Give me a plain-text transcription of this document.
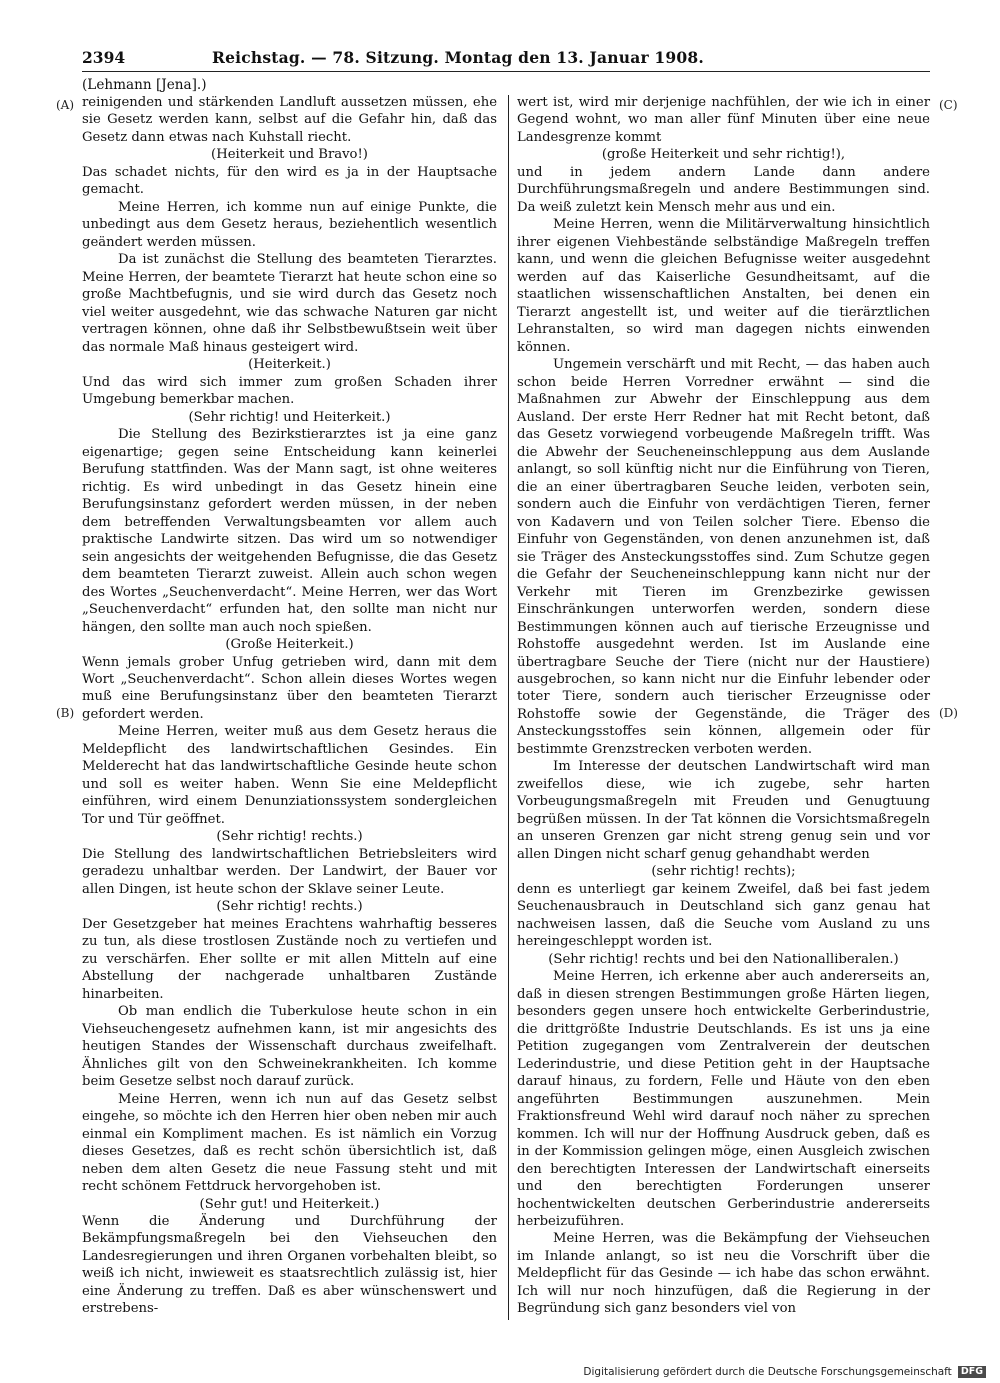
2394	Reichstag. — 78. Sitzung. Montag den 13. Januar 1908.
(A)
(B)
(C)
(D)

(Lehmann [Jena].)

reinigenden und stärkenden Landluft aussetzen müssen, ehe sie Gesetz werden kann, selbst auf die Gefahr hin, daß das Gesetz dann etwas nach Kuhstall riecht.

(Heiterkeit und Bravo!)

Das schadet nichts, für den wird es ja in der Hauptsache gemacht.

Meine Herren, ich komme nun auf einige Punkte, die unbedingt aus dem Gesetz heraus, beziehentlich wesentlich geändert werden müssen.

Da ist zunächst die Stellung des beamteten Tierarztes. Meine Herren, der beamtete Tierarzt hat heute schon eine so große Machtbefugnis, und sie wird durch das Gesetz noch viel weiter ausgedehnt, wie das schwache Naturen gar nicht vertragen können, ohne daß ihr Selbstbewußtsein weit über das normale Maß hinaus gesteigert wird.

(Heiterkeit.)

Und das wird sich immer zum großen Schaden ihrer Umgebung bemerkbar machen.

(Sehr richtig! und Heiterkeit.)

Die Stellung des Bezirkstierarztes ist ja eine ganz eigenartige; gegen seine Entscheidung kann keinerlei Berufung stattfinden. Was der Mann sagt, ist ohne weiteres richtig. Es wird unbedingt in das Gesetz hinein eine Berufungsinstanz gefordert werden müssen, in der neben dem betreffenden Verwaltungsbeamten vor allem auch praktische Landwirte sitzen. Das wird um so notwendiger sein angesichts der weitgehenden Befugnisse, die das Gesetz dem beamteten Tierarzt zuweist. Allein auch schon wegen des Wortes „Seuchenverdacht“. Meine Herren, wer das Wort „Seuchenverdacht“ erfunden hat, den sollte man nicht nur hängen, den sollte man auch noch spießen.

(Große Heiterkeit.)

Wenn jemals grober Unfug getrieben wird, dann mit dem Wort „Seuchenverdacht“. Schon allein dieses Wortes wegen muß eine Berufungsinstanz über den beamteten Tierarzt gefordert werden.

Meine Herren, weiter muß aus dem Gesetz heraus die Meldepflicht des landwirtschaftlichen Gesindes. Ein Melderecht hat das landwirtschaftliche Gesinde heute schon und soll es weiter haben. Wenn Sie eine Meldepflicht einführen, wird einem Denunziationssystem sondergleichen Tor und Tür geöffnet.

(Sehr richtig! rechts.)

Die Stellung des landwirtschaftlichen Betriebsleiters wird geradezu unhaltbar werden. Der Landwirt, der Bauer vor allen Dingen, ist heute schon der Sklave seiner Leute.

(Sehr richtig! rechts.)

Der Gesetzgeber hat meines Erachtens wahrhaftig besseres zu tun, als diese trostlosen Zustände noch zu vertiefen und zu verschärfen. Eher sollte er mit allen Mitteln auf eine Abstellung der nachgerade unhaltbaren Zustände hinarbeiten.

Ob man endlich die Tuberkulose heute schon in ein Viehseuchengesetz aufnehmen kann, ist mir angesichts des heutigen Standes der Wissenschaft durchaus zweifelhaft. Ähnliches gilt von den Schweinekrankheiten. Ich komme beim Gesetze selbst noch darauf zurück.

Meine Herren, wenn ich nun auf das Gesetz selbst eingehe, so möchte ich den Herren hier oben neben mir auch einmal ein Kompliment machen. Es ist nämlich ein Vorzug dieses Gesetzes, daß es recht schön übersichtlich ist, daß neben dem alten Gesetz die neue Fassung steht und mit recht schönem Fettdruck hervorgehoben ist.

(Sehr gut! und Heiterkeit.)

Wenn die Änderung und Durchführung der Bekämpfungsmaßregeln bei den Viehseuchen den Landesregierungen und ihren Organen vorbehalten bleibt, so weiß ich nicht, inwieweit es staatsrechtlich zulässig ist, hier eine Änderung zu treffen. Daß es aber wünschenswert und erstrebens-

wert ist, wird mir derjenige nachfühlen, der wie ich in einer Gegend wohnt, wo man aller fünf Minuten über eine neue Landesgrenze kommt

(große Heiterkeit und sehr richtig!),

und in jedem andern Lande dann andere Durchführungsmaßregeln und andere Bestimmungen sind. Da weiß zuletzt kein Mensch mehr aus und ein.

Meine Herren, wenn die Militärverwaltung hinsichtlich ihrer eigenen Viehbestände selbständige Maßregeln treffen kann, und wenn die gleichen Befugnisse weiter ausgedehnt werden auf das Kaiserliche Gesundheitsamt, auf die staatlichen wissenschaftlichen Anstalten, bei denen ein Tierarzt angestellt ist, und weiter auf die tierärztlichen Lehranstalten, so wird man dagegen nichts einwenden können.

Ungemein verschärft und mit Recht, — das haben auch schon beide Herren Vorredner erwähnt — sind die Maßnahmen zur Abwehr der Einschleppung aus dem Ausland. Der erste Herr Redner hat mit Recht betont, daß das Gesetz vorwiegend vorbeugende Maßregeln trifft. Was die Abwehr der Seucheneinschleppung aus dem Auslande anlangt, so soll künftig nicht nur die Einführung von Tieren, die an einer übertragbaren Seuche leiden, verboten sein, sondern auch die Einfuhr von verdächtigen Tieren, ferner von Kadavern und von Teilen solcher Tiere. Ebenso die Einfuhr von Gegenständen, von denen anzunehmen ist, daß sie Träger des Ansteckungsstoffes sind. Zum Schutze gegen die Gefahr der Seucheneinschleppung kann nicht nur der Verkehr mit Tieren im Grenzbezirke gewissen Einschränkungen unterworfen werden, sondern diese Bestimmungen können auch auf tierische Erzeugnisse und Rohstoffe ausgedehnt werden. Ist im Auslande eine übertragbare Seuche der Tiere (nicht nur der Haustiere) ausgebrochen, so kann nicht nur die Einfuhr lebender oder toter Tiere, sondern auch tierischer Erzeugnisse oder Rohstoffe sowie der Gegenstände, die Träger des Ansteckungsstoffes sein können, allgemein oder für bestimmte Grenzstrecken verboten werden.

Im Interesse der deutschen Landwirtschaft wird man zweifellos diese, wie ich zugebe, sehr harten Vorbeugungsmaßregeln mit Freuden und Genugtuung begrüßen müssen. In der Tat können die Vorsichtsmaßregeln an unseren Grenzen gar nicht streng genug sein und vor allen Dingen nicht scharf genug gehandhabt werden

(sehr richtig! rechts);

denn es unterliegt gar keinem Zweifel, daß bei fast jedem Seuchenausbrauch in Deutschland sich ganz genau hat nachweisen lassen, daß die Seuche vom Ausland zu uns hereingeschleppt worden ist.

(Sehr richtig! rechts und bei den Nationalliberalen.)

Meine Herren, ich erkenne aber auch andererseits an, daß in diesen strengen Bestimmungen große Härten liegen, besonders gegen unsere hoch entwickelte Gerberindustrie, die drittgrößte Industrie Deutschlands. Es ist uns ja eine Petition zugegangen vom Zentralverein der deutschen Lederindustrie, und diese Petition geht in der Hauptsache darauf hinaus, zu fordern, Felle und Häute von den eben angeführten Bestimmungen auszunehmen. Mein Fraktionsfreund Wehl wird darauf noch näher zu sprechen kommen. Ich will nur der Hoffnung Ausdruck geben, daß es in der Kommission gelingen möge, einen Ausgleich zwischen den berechtigten Interessen der Landwirtschaft einerseits und den berechtigten Forderungen unserer hochentwickelten deutschen Gerberindustrie andererseits herbeizuführen.

Meine Herren, was die Bekämpfung der Viehseuchen im Inlande anlangt, so ist neu die Vorschrift über die Meldepflicht für das Gesinde — ich habe das schon erwähnt. Ich will nur noch hinzufügen, daß die Regierung in der Begründung sich ganz besonders viel von

Digitalisierung gefördert durch die Deutsche Forschungsgemeinschaft DFG
